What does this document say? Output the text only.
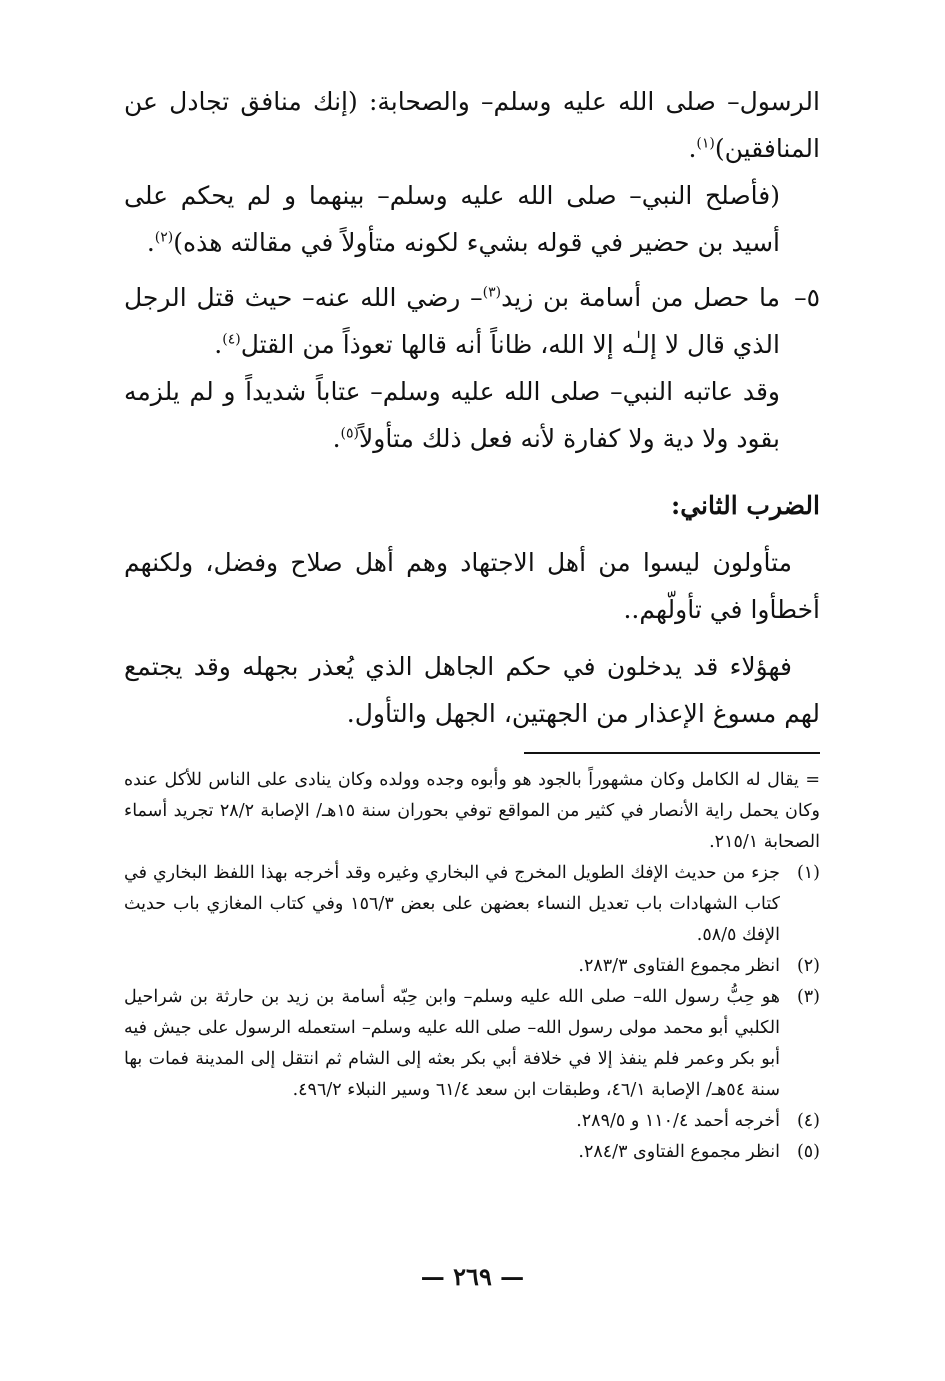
الرسول– صلى الله عليه وسلم– والصحابة: (إنك منافق تجادل عن المنافقين)$^{(١)}$.

(فأصلح النبي– صلى الله عليه وسلم– بينهما و لم يحكم على أسيد بن حضير في قوله بشيء لكونه متأولاً في مقالته هذه)$^{(٢)}$.

٥–
ما حصل من أسامة بن زيد$^{(٣)}$– رضي الله عنه– حيث قتل الرجل الذي قال لا إلـٰه إلا الله، ظاناً أنه قالها تعوذاً من القتل$^{(٤)}$.

وقد عاتبه النبي– صلى الله عليه وسلم– عتاباً شديداً و لم يلزمه بقود ولا دية ولا كفارة لأنه فعل ذلك متأولاً$^{(٥)}$.

الضرب الثاني:

متأولون ليسوا من أهل الاجتهاد وهم أهل صلاح وفضل، ولكنهم أخطأوا في تأولّهم..

فهؤلاء قد يدخلون في حكم الجاهل الذي يُعذر بجهله وقد يجتمع لهم مسوغ الإعذار من الجهتين، الجهل والتأول.

= يقال له الكامل وكان مشهوراً بالجود هو وأبوه وجده وولده وكان ينادى على الناس للأكل عنده وكان يحمل راية الأنصار في كثير من المواقع توفي بحوران سنة ١٥هـ/ الإصابة ٢٨/٢ تجريد أسماء الصحابة ٢١٥/١.

(١)
جزء من حديث الإفك الطويل المخرج في البخاري وغيره وقد أخرجه بهذا اللفظ البخاري في كتاب الشهادات باب تعديل النساء بعضهن على بعض ١٥٦/٣ وفي كتاب المغازي باب حديث الإفك ٥٨/٥.

(٢)
انظر مجموع الفتاوى ٢٨٣/٣.

(٣)
هو حِبُّ رسول الله– صلى الله عليه وسلم– وابن حِبّه أسامة بن زيد بن حارثة بن شراحيل الكلبي أبو محمد مولى رسول الله– صلى الله عليه وسلم– استعمله الرسول على جيش فيه أبو بكر وعمر فلم ينفذ إلا في خلافة أبي بكر بعثه إلى الشام ثم انتقل إلى المدينة فمات بها سنة ٥٤هـ/ الإصابة ٤٦/١، وطبقات ابن سعد ٦١/٤ وسير النبلاء ٤٩٦/٢.

(٤)
أخرجه أحمد ١١٠/٤ و ٢٨٩/٥.

(٥)
انظر مجموع الفتاوى ٢٨٤/٣.

— ٢٦٩ —
